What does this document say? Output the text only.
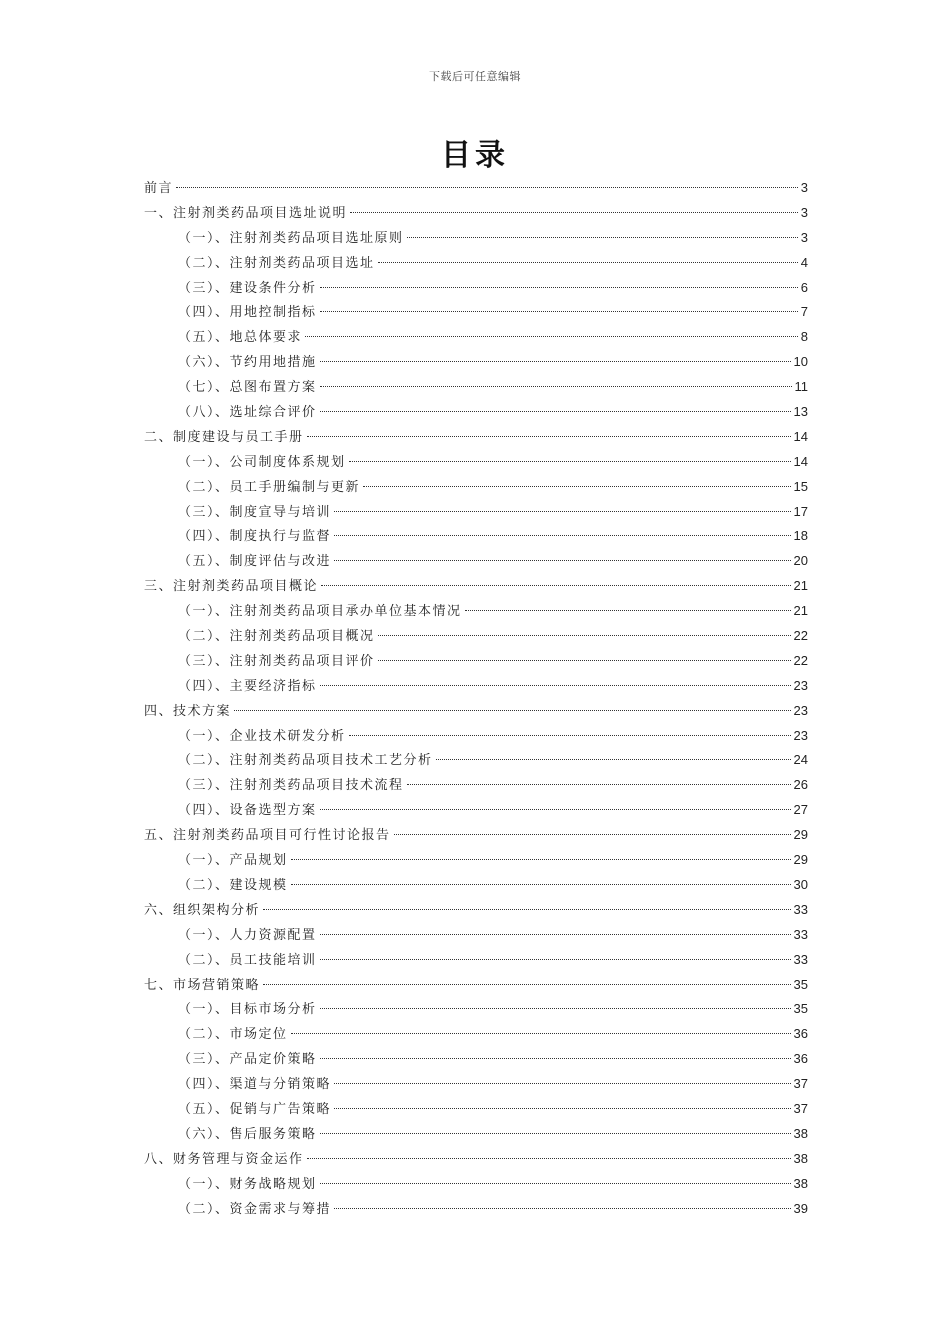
下载后可任意编辑
目录
前言	3
一、注射剂类药品项目选址说明	3
（一）、注射剂类药品项目选址原则	3
（二）、注射剂类药品项目选址	4
（三）、建设条件分析	6
（四）、用地控制指标	7
（五）、地总体要求	8
（六）、节约用地措施	10
（七）、总图布置方案	11
（八）、选址综合评价	13
二、制度建设与员工手册	14
（一）、公司制度体系规划	14
（二）、员工手册编制与更新	15
（三）、制度宣导与培训	17
（四）、制度执行与监督	18
（五）、制度评估与改进	20
三、注射剂类药品项目概论	21
（一）、注射剂类药品项目承办单位基本情况	21
（二）、注射剂类药品项目概况	22
（三）、注射剂类药品项目评价	22
（四）、主要经济指标	23
四、技术方案	23
（一）、企业技术研发分析	23
（二）、注射剂类药品项目技术工艺分析	24
（三）、注射剂类药品项目技术流程	26
（四）、设备选型方案	27
五、注射剂类药品项目可行性讨论报告	29
（一）、产品规划	29
（二）、建设规模	30
六、组织架构分析	33
（一）、人力资源配置	33
（二）、员工技能培训	33
七、市场营销策略	35
（一）、目标市场分析	35
（二）、市场定位	36
（三）、产品定价策略	36
（四）、渠道与分销策略	37
（五）、促销与广告策略	37
（六）、售后服务策略	38
八、财务管理与资金运作	38
（一）、财务战略规划	38
（二）、资金需求与筹措	39
